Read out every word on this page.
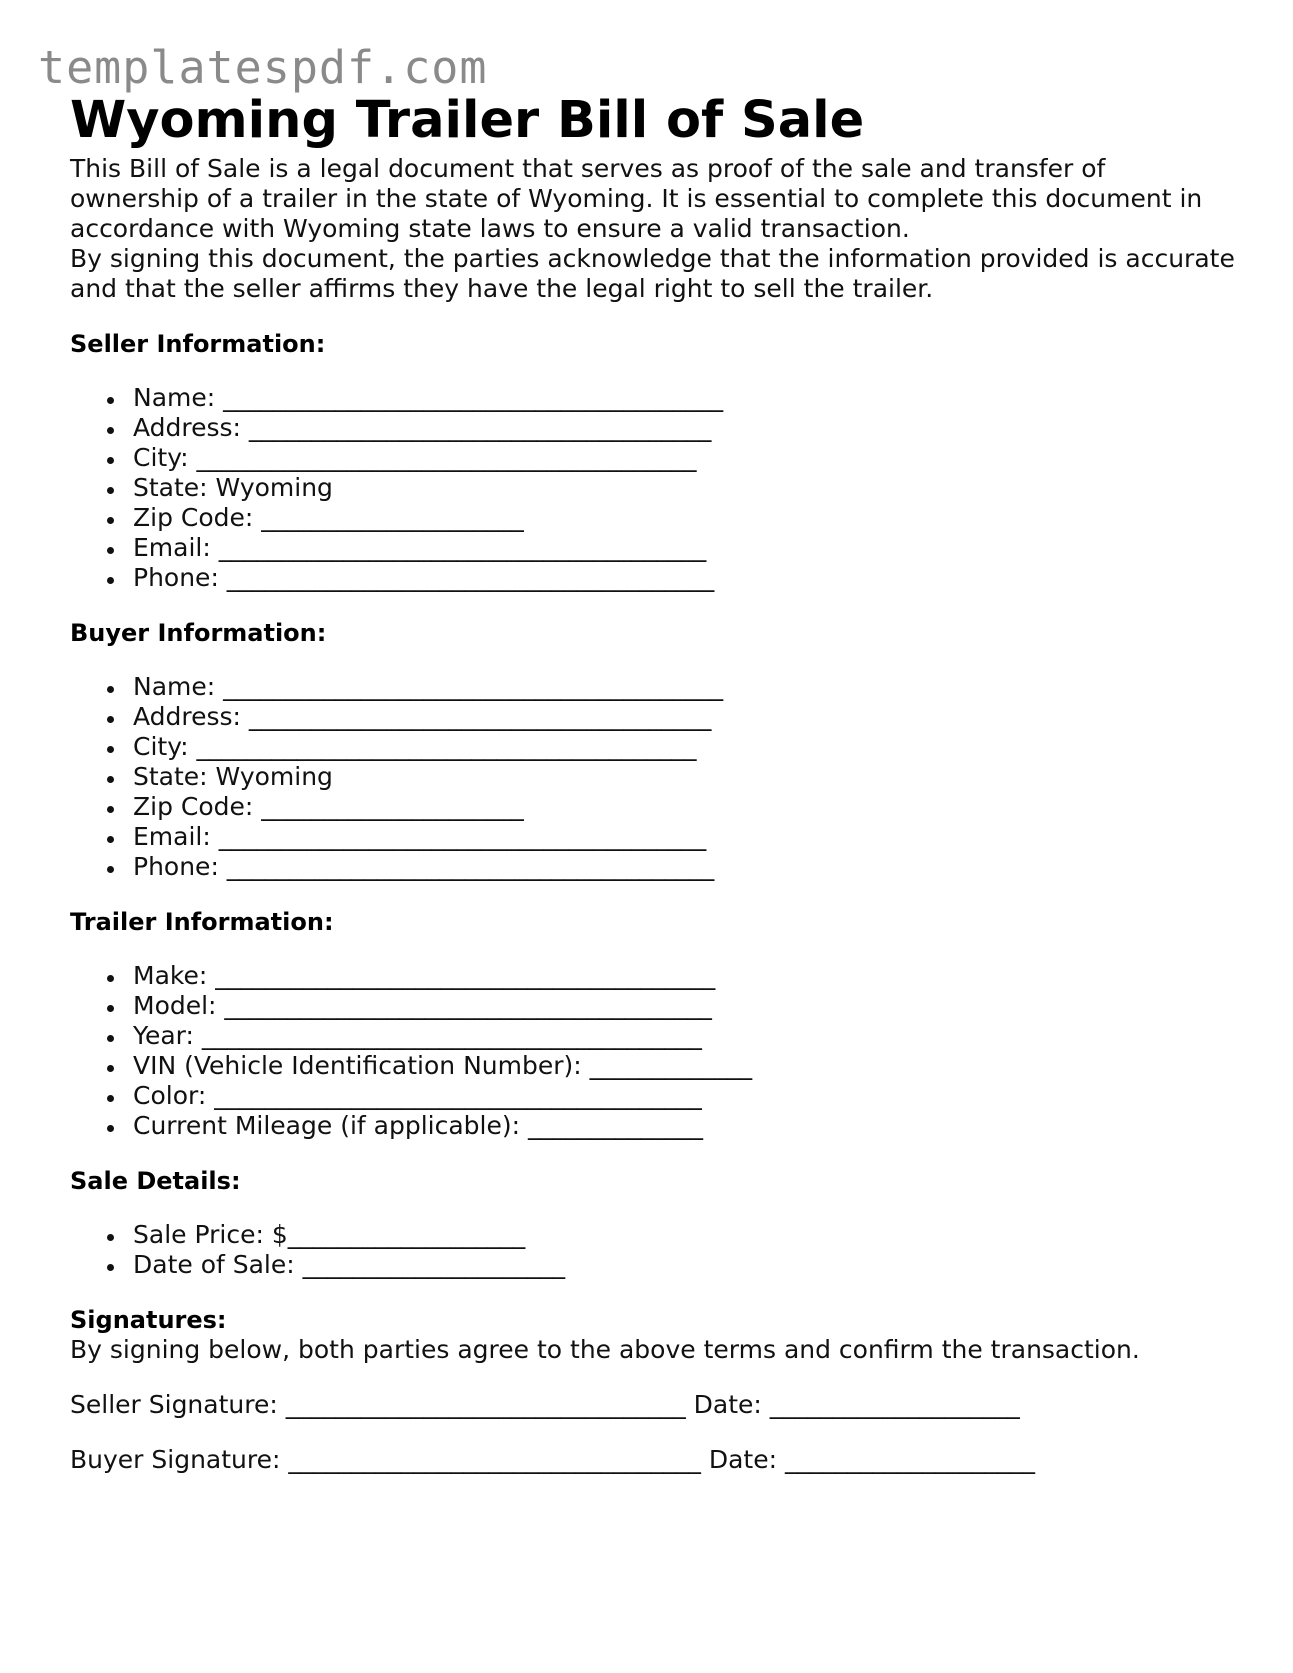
templatespdf.com
Wyoming Trailer Bill of Sale

This Bill of Sale is a legal document that serves as proof of the sale and transfer of ownership of a trailer in the state of Wyoming. It is essential to complete this document in accordance with Wyoming state laws to ensure a valid transaction.

By signing this document, the parties acknowledge that the information provided is accurate and that the seller affirms they have the legal right to sell the trailer.

Seller Information:
Name: ________________________________________
Address: _____________________________________
City: ________________________________________
State: Wyoming
Zip Code: _____________________
Email: _______________________________________
Phone: _______________________________________
Buyer Information:
Name: ________________________________________
Address: _____________________________________
City: ________________________________________
State: Wyoming
Zip Code: _____________________
Email: _______________________________________
Phone: _______________________________________
Trailer Information:
Make: ________________________________________
Model: _______________________________________
Year: ________________________________________
VIN (Vehicle Identification Number): _____________
Color: _______________________________________
Current Mileage (if applicable): ______________
Sale Details:
Sale Price: $___________________
Date of Sale: _____________________
Signatures:

By signing below, both parties agree to the above terms and confirm the transaction.

Seller Signature: ________________________________ Date: ____________________
Buyer Signature: _________________________________ Date: ____________________
